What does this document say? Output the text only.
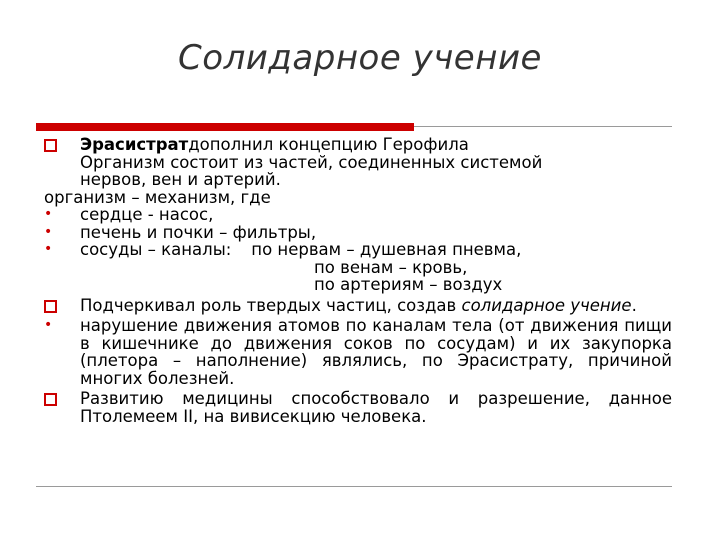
Солидарное учение
Эрасистратдополнил концепцию Герофила
Организм состоит из частей, соединенных системой
нервов, вен и артерий.
организм – механизм, где
• сердце - насос,
• печень и почки – фильтры,
• сосуды – каналы: по нервам – душевная пневма,
по венам – кровь,
по артериям – воздух
Подчеркивал роль твердых частиц, создав солидарное учение.
• нарушение движения атомов по каналам тела (от движения пищи в кишечнике до движения соков по сосудам) и их закупорка (плетора – наполнение) являлись, по Эрасистрату, причиной многих болезней.
Развитию медицины способствовало и разрешение, данное Птолемеем II, на вивисекцию человека.
